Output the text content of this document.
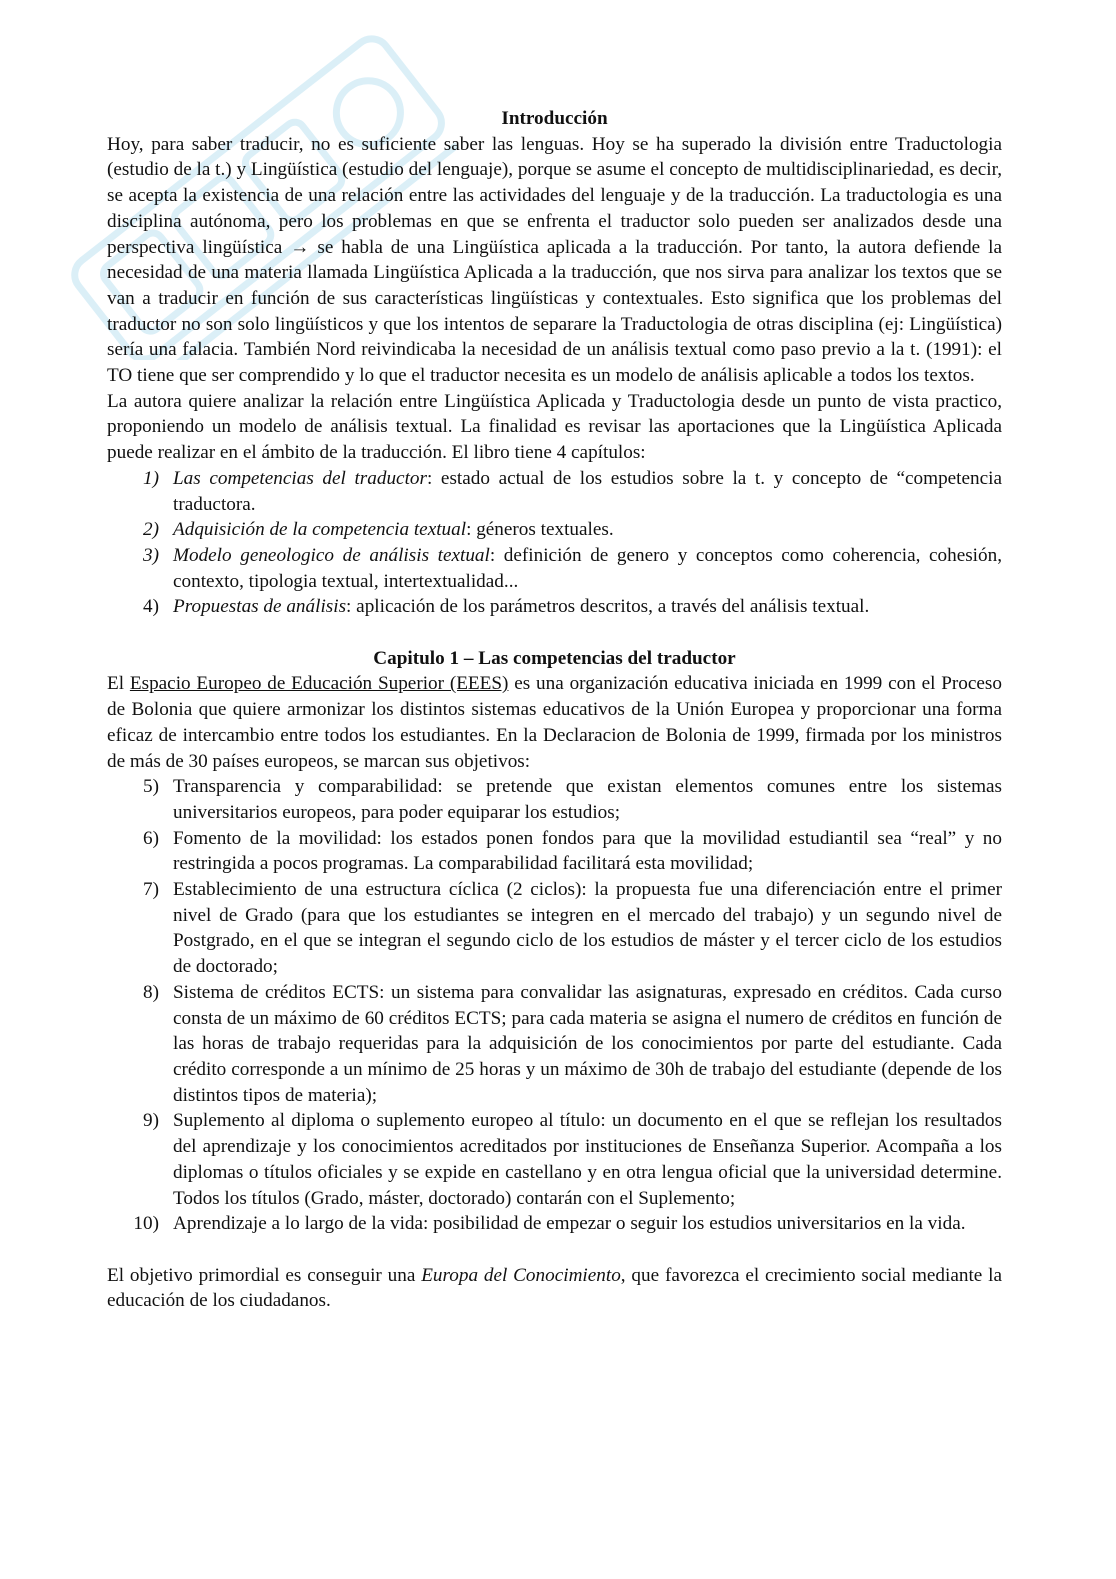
Introducción

Hoy, para saber traducir, no es suficiente saber las lenguas. Hoy se ha superado la división entre Traductologia (estudio de la t.) y Lingüística (estudio del lenguaje), porque se asume el concepto de multidisciplinariedad, es decir, se acepta la existencia de una relación entre las actividades del lenguaje y de la traducción. La traductologia es una disciplina autónoma, pero los problemas en que se enfrenta el traductor solo pueden ser analizados desde una perspectiva lingüística → se habla de una Lingüística aplicada a la traducción. Por tanto, la autora defiende la necesidad de una materia llamada Lingüística Aplicada a la traducción, que nos sirva para analizar los textos que se van a traducir en función de sus características lingüísticas y contextuales. Esto significa que los problemas del traductor no son solo lingüísticos y que los intentos de separare la Traductologia de otras disciplina (ej: Lingüística) sería una falacia. También Nord reivindicaba la necesidad de un análisis textual como paso previo a la t. (1991): el TO tiene que ser comprendido y lo que el traductor necesita es un modelo de análisis aplicable a todos los textos.

La autora quiere analizar la relación entre Lingüística Aplicada y Traductologia desde un punto de vista practico, proponiendo un modelo de análisis textual. La finalidad es revisar las aportaciones que la Lingüística Aplicada puede realizar en el ámbito de la traducción. El libro tiene 4 capítulos:

1) Las competencias del traductor: estado actual de los estudios sobre la t. y concepto de “competencia traductora.
2) Adquisición de la competencia textual: géneros textuales.
3) Modelo geneologico de análisis textual: definición de genero y conceptos como coherencia, cohesión, contexto, tipologia textual, intertextualidad...
4) Propuestas de análisis: aplicación de los parámetros descritos, a través del análisis textual.
Capitulo 1 – Las competencias del traductor

El Espacio Europeo de Educación Superior (EEES) es una organización educativa iniciada en 1999 con el Proceso de Bolonia que quiere armonizar los distintos sistemas educativos de la Unión Europea y proporcionar una forma eficaz de intercambio entre todos los estudiantes. En la Declaracion de Bolonia de 1999, firmada por los ministros de más de 30 países europeos, se marcan sus objetivos:

5) Transparencia y comparabilidad: se pretende que existan elementos comunes entre los sistemas universitarios europeos, para poder equiparar los estudios;
6) Fomento de la movilidad: los estados ponen fondos para que la movilidad estudiantil sea “real” y no restringida a pocos programas. La comparabilidad facilitará esta movilidad;
7) Establecimiento de una estructura cíclica (2 ciclos): la propuesta fue una diferenciación entre el primer nivel de Grado (para que los estudiantes se integren en el mercado del trabajo) y un segundo nivel de Postgrado, en el que se integran el segundo ciclo de los estudios de máster y el tercer ciclo de los estudios de doctorado;
8) Sistema de créditos ECTS: un sistema para convalidar las asignaturas, expresado en créditos. Cada curso consta de un máximo de 60 créditos ECTS; para cada materia se asigna el numero de créditos en función de las horas de trabajo requeridas para la adquisición de los conocimientos por parte del estudiante. Cada crédito corresponde a un mínimo de 25 horas y un máximo de 30h de trabajo del estudiante (depende de los distintos tipos de materia);
9) Suplemento al diploma o suplemento europeo al título: un documento en el que se reflejan los resultados del aprendizaje y los conocimientos acreditados por instituciones de Enseñanza Superior. Acompaña a los diplomas o títulos oficiales y se expide en castellano y en otra lengua oficial que la universidad determine. Todos los títulos (Grado, máster, doctorado) contarán con el Suplemento;
10) Aprendizaje a lo largo de la vida: posibilidad de empezar o seguir los estudios universitarios en la vida.

El objetivo primordial es conseguir una Europa del Conocimiento, que favorezca el crecimiento social mediante la educación de los ciudadanos.
